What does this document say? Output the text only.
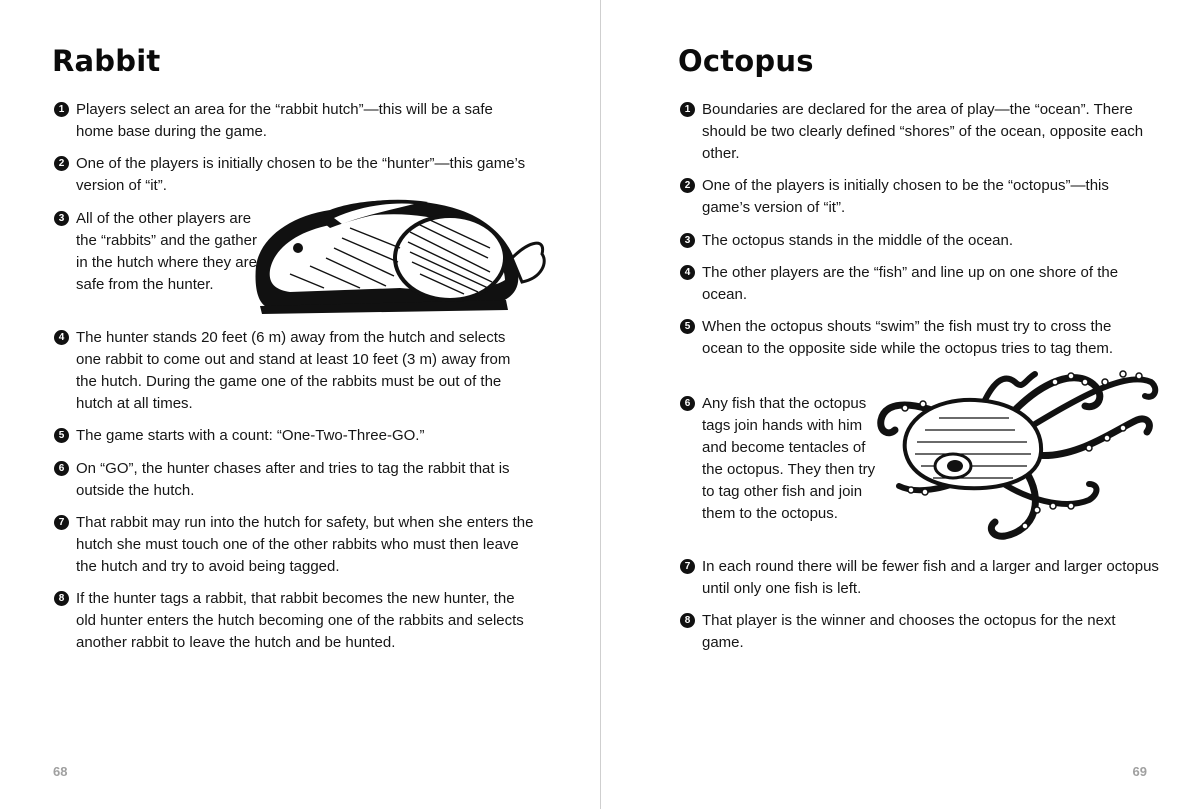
Rabbit
1 Players select an area for the “rabbit hutch”—this will be a safe home base during the game.
2 One of the players is initially chosen to be the “hunter”—this game’s version of “it”.
3 All of the other players are the “rabbits” and the gather in the hutch where they are safe from the hunter.
4 The hunter stands 20 feet (6 m) away from the hutch and selects one rabbit to come out and stand at least 10 feet (3 m) away from the hutch. During the game one of the rabbits must be out of the hutch at all times.
5 The game starts with a count: “One-Two-Three-GO.”
6 On “GO”, the hunter chases after and tries to tag the rabbit that is outside the hutch.
7 That rabbit may run into the hutch for safety, but when she enters the hutch she must touch one of the other rabbits who must then leave the hutch and try to avoid being tagged.
8 If the hunter tags a rabbit, that rabbit becomes the new hunter, the old hunter enters the hutch becoming one of the rabbits and selects another rabbit to leave the hutch and be hunted.
68
Octopus
1 Boundaries are declared for the area of play—the “ocean”. There should be two clearly defined “shores” of the ocean, opposite each other.
2 One of the players is initially chosen to be the “octopus”—this game’s version of “it”.
3 The octopus stands in the middle of the ocean.
4 The other players are the “fish” and line up on one shore of the ocean.
5 When the octopus shouts “swim” the fish must try to cross the ocean to the opposite side while the octopus tries to tag them.
6 Any fish that the octopus tags join hands with him and become tentacles of the octopus. They then try to tag other fish and join them to the octopus.
7 In each round there will be fewer fish and a larger and larger octopus until only one fish is left.
8 That player is the winner and chooses the octopus for the next game.
69
